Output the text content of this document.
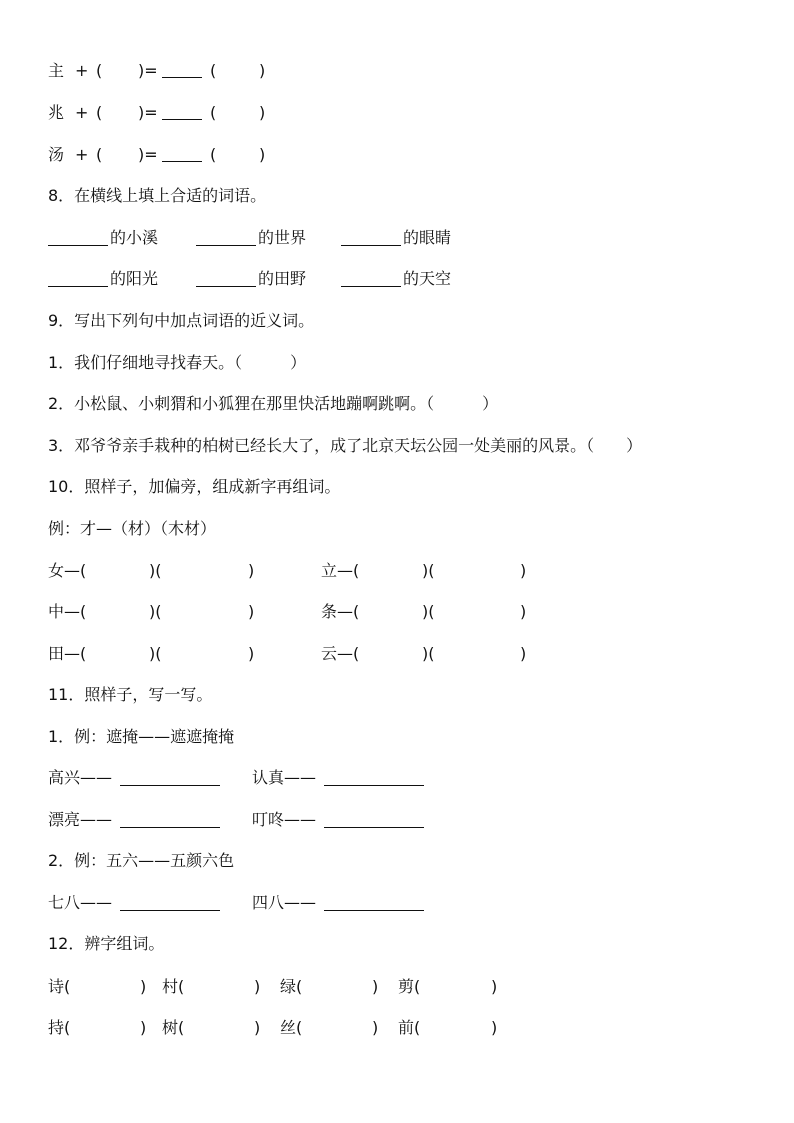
主 + ( )=	(	)
兆 + ( )=	(	)
汤 + ( )=	(	)
8．在横线上填上合适的词语。
的小溪	的世界	的眼睛
的阳光	的田野	的天空
9．写出下列句中加点词语的近义词。
1．我们仔细地寻找春天。（　　　）
2．小松鼠、小刺猬和小狐狸在那里快活地蹦啊跳啊。（　　　）
3．邓爷爷亲手栽种的柏树已经长大了，成了北京天坛公园一处美丽的风景。（　　）
10．照样子，加偏旁，组成新字再组词。
例：才—（材）（木材）
女—(	)(	)	立—(	)(	)
中—(	)(	)	条—(	)(	)
田—(	)(	)	云—(	)(	)
11．照样子，写一写。
1．例：遮掩——遮遮掩掩
高兴——	认真——
漂亮——	叮咚——
2．例：五六——五颜六色
七八——	四八——
12．辨字组词。
诗(	) 村(	) 绿(	) 剪(	)
持(	) 树(	) 丝(	) 前(	)
